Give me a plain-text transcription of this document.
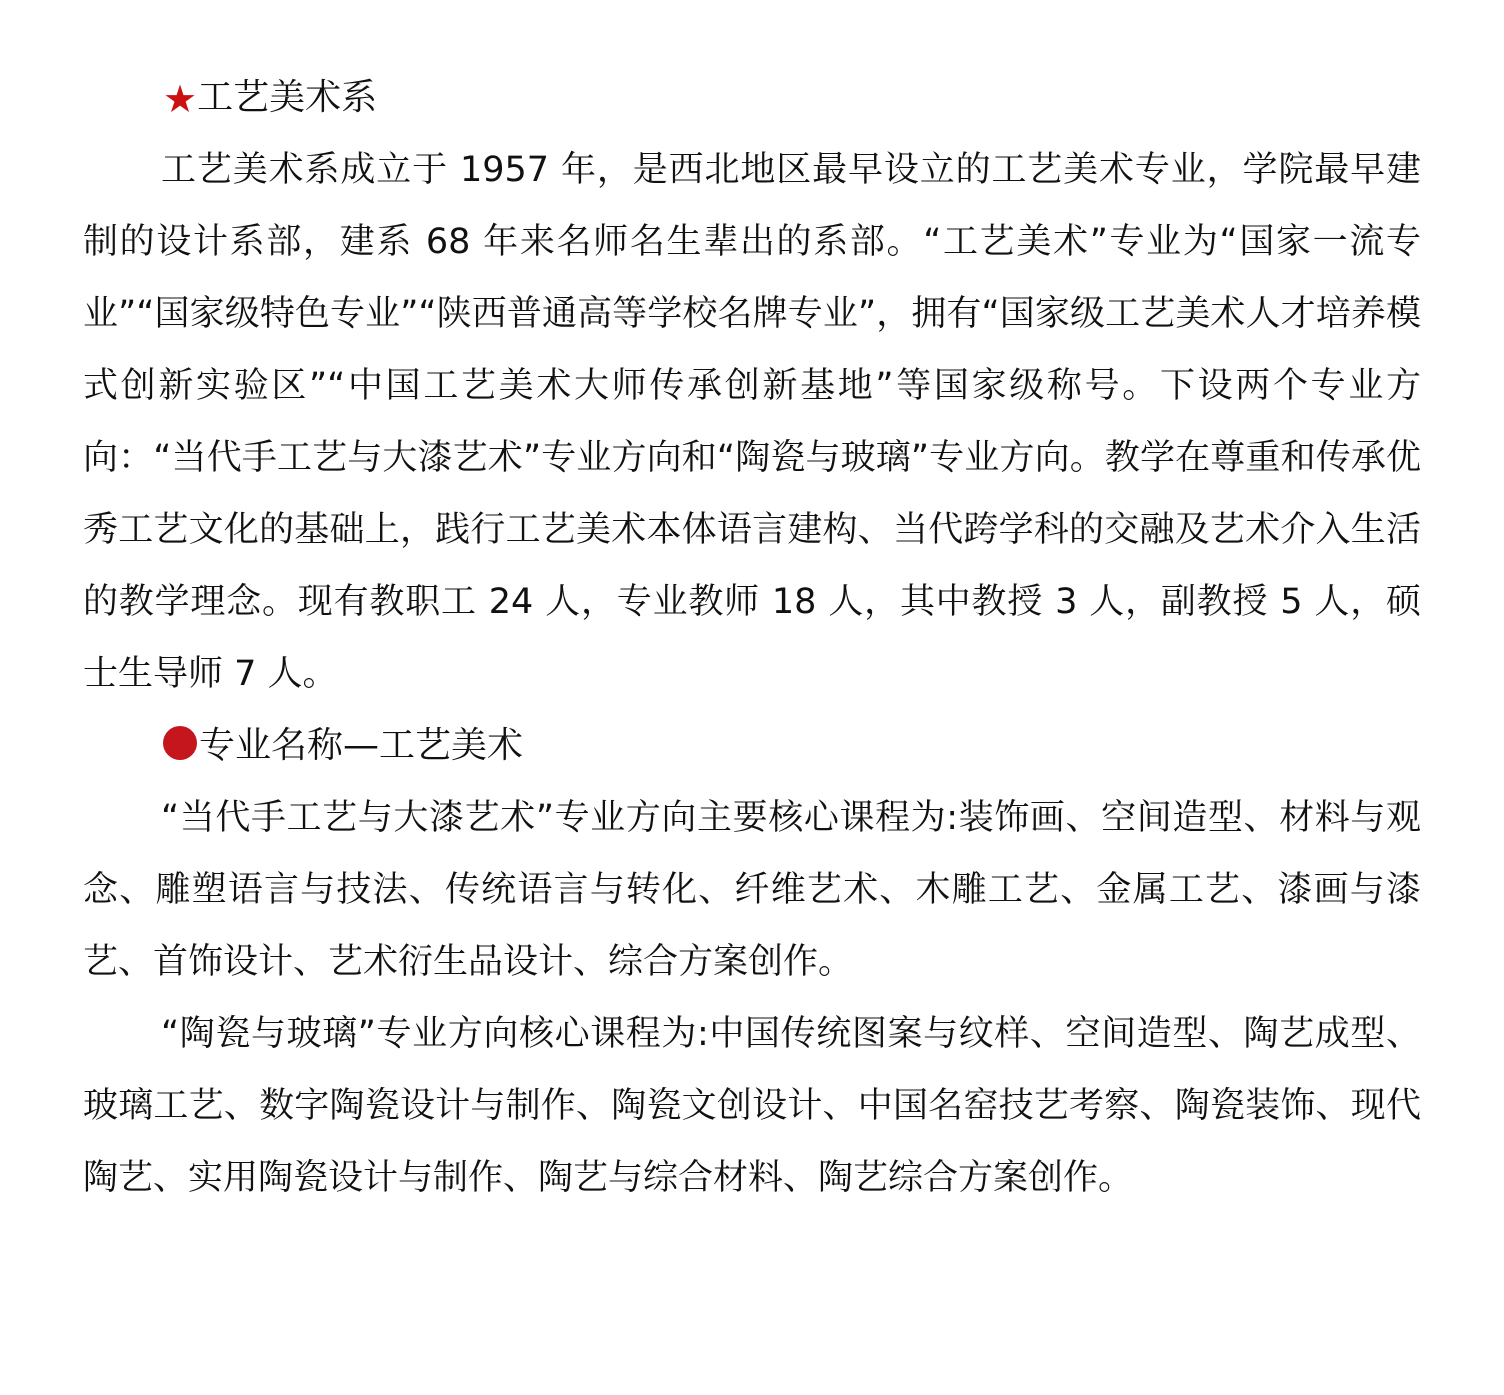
★工艺美术系

工艺美术系成立于 1957 年，是西北地区最早设立的工艺美术专业，学院最早建制的设计系部，建系 68 年来名师名生辈出的系部。“工艺美术”专业为“国家一流专业”“国家级特色专业”“陕西普通高等学校名牌专业”，拥有“国家级工艺美术人才培养模式创新实验区”“中国工艺美术大师传承创新基地”等国家级称号。下设两个专业方向：“当代手工艺与大漆艺术”专业方向和“陶瓷与玻璃”专业方向。教学在尊重和传承优秀工艺文化的基础上，践行工艺美术本体语言建构、当代跨学科的交融及艺术介入生活的教学理念。现有教职工 24 人，专业教师 18 人，其中教授 3 人，副教授 5 人，硕士生导师 7 人。

专业名称—工艺美术

“当代手工艺与大漆艺术”专业方向主要核心课程为:装饰画、空间造型、材料与观念、雕塑语言与技法、传统语言与转化、纤维艺术、木雕工艺、金属工艺、漆画与漆艺、首饰设计、艺术衍生品设计、综合方案创作。

“陶瓷与玻璃”专业方向核心课程为:中国传统图案与纹样、空间造型、陶艺成型、玻璃工艺、数字陶瓷设计与制作、陶瓷文创设计、中国名窑技艺考察、陶瓷装饰、现代陶艺、实用陶瓷设计与制作、陶艺与综合材料、陶艺综合方案创作。
